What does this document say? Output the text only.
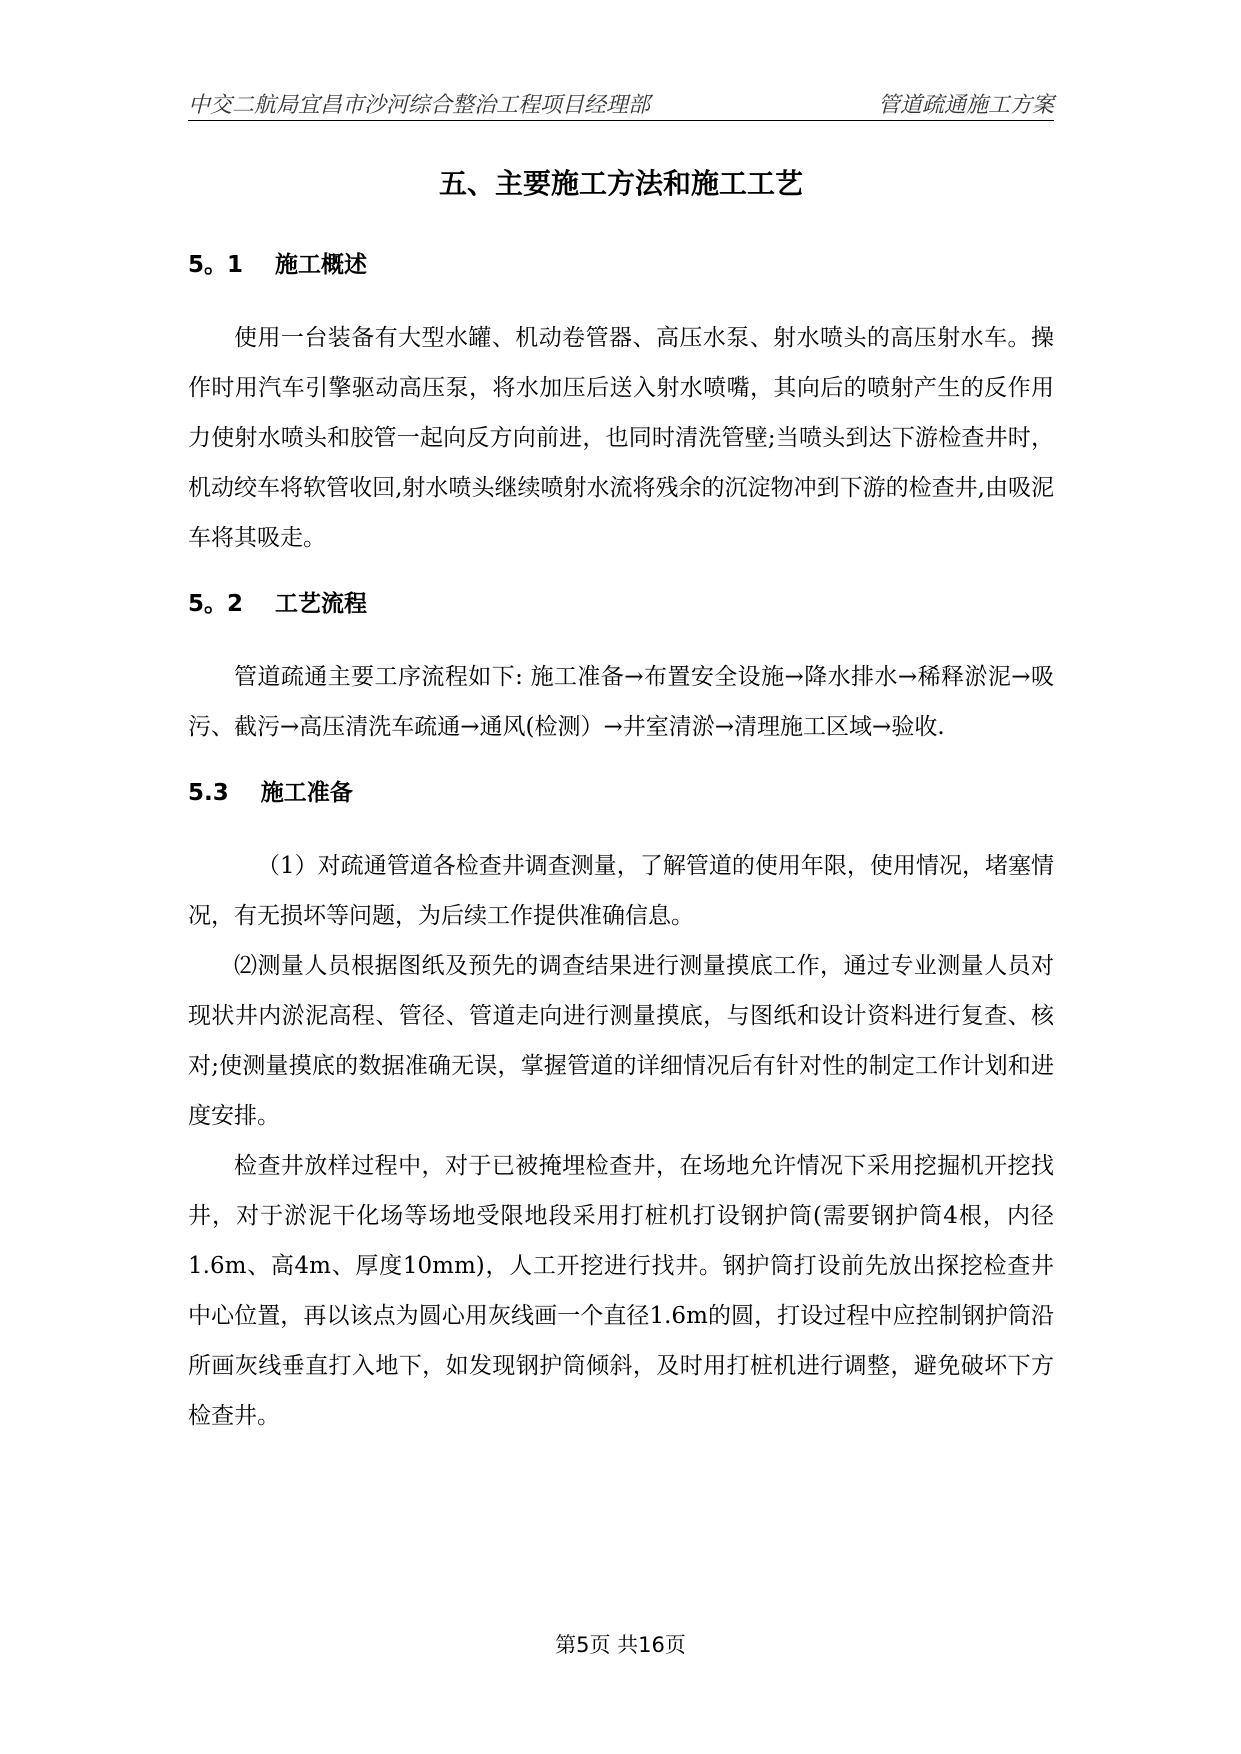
中交二航局宜昌市沙河综合整治工程项目经理部	管道疏通施工方案
五、主要施工方法和施工工艺
5。1    施工概述

使用一台装备有大型水罐、机动卷管器、高压水泵、射水喷头的高压射水车。操作时用汽车引擎驱动高压泵，将水加压后送入射水喷嘴，其向后的喷射产生的反作用力使射水喷头和胶管一起向反方向前进，也同时清洗管壁;当喷头到达下游检查井时，机动绞车将软管收回,射水喷头继续喷射水流将残余的沉淀物冲到下游的检查井,由吸泥车将其吸走。

5。2    工艺流程

管道疏通主要工序流程如下: 施工准备→布置安全设施→降水排水→稀释淤泥→吸污、截污→高压清洗车疏通→通风(检测）→井室清淤→清理施工区域→验收.

5.3    施工准备

（1）对疏通管道各检查井调查测量，了解管道的使用年限，使用情况，堵塞情况，有无损坏等问题，为后续工作提供准确信息。

⑵测量人员根据图纸及预先的调查结果进行测量摸底工作，通过专业测量人员对现状井内淤泥高程、管径、管道走向进行测量摸底，与图纸和设计资料进行复查、核对;使测量摸底的数据准确无误，掌握管道的详细情况后有针对性的制定工作计划和进度安排。

检查井放样过程中，对于已被掩埋检查井，在场地允许情况下采用挖掘机开挖找井，对于淤泥干化场等场地受限地段采用打桩机打设钢护筒(需要钢护筒4根，内径1.6m、高4m、厚度10mm)，人工开挖进行找井。钢护筒打设前先放出探挖检查井中心位置，再以该点为圆心用灰线画一个直径1.6m的圆，打设过程中应控制钢护筒沿所画灰线垂直打入地下，如发现钢护筒倾斜，及时用打桩机进行调整，避免破坏下方检查井。

第5页 共16页
